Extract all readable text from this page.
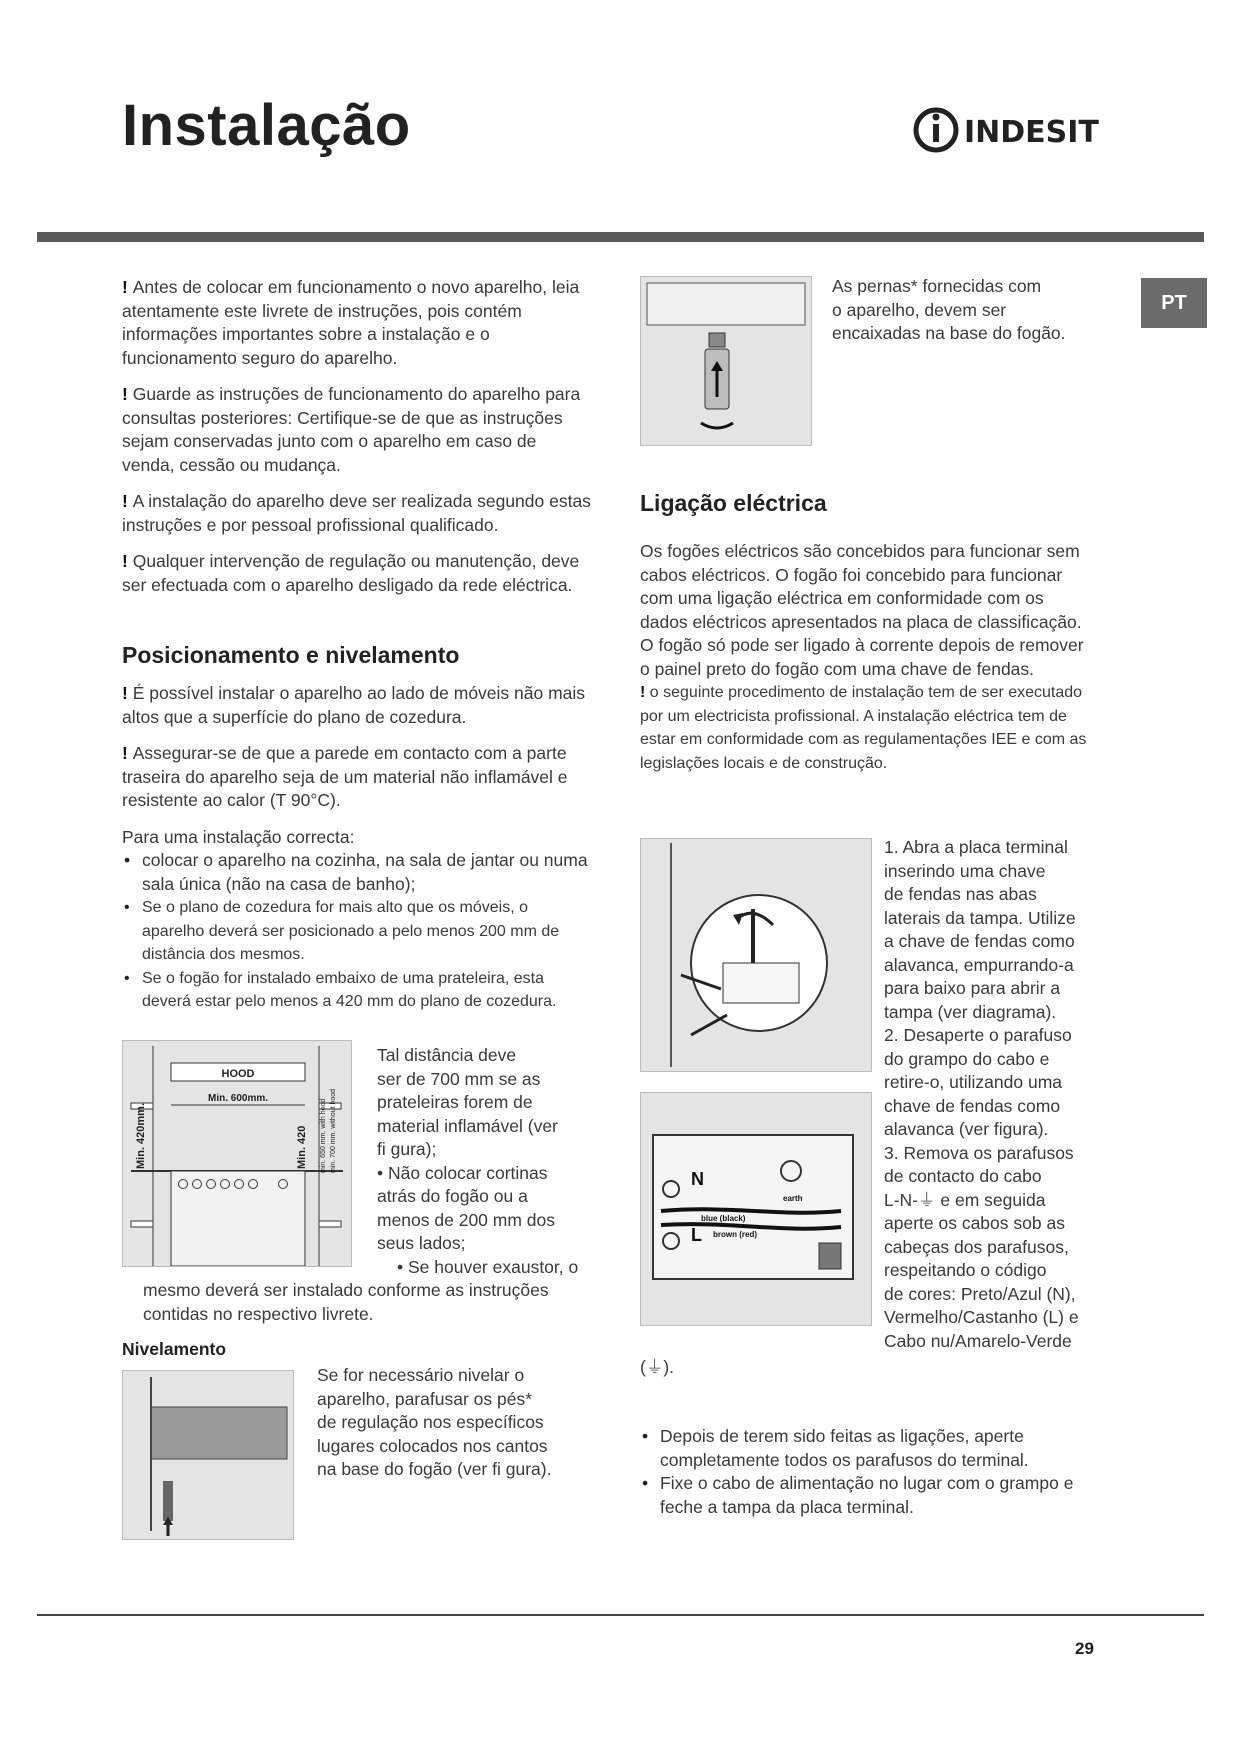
Instalação	INDESIT
PT

! Antes de colocar em funcionamento o novo aparelho, leia atentamente este livrete de instruções, pois contém informações importantes sobre a instalação e o funcionamento seguro do aparelho.

! Guarde as instruções de funcionamento do aparelho para consultas posteriores: Certifique-se de que as instruções sejam conservadas junto com o aparelho em caso de venda, cessão ou mudança.

! A instalação do aparelho deve ser realizada segundo estas instruções e por pessoal profissional qualificado.

! Qualquer intervenção de regulação ou manutenção, deve ser efectuada com o aparelho desligado da rede eléctrica.

Posicionamento e nivelamento

! É possível instalar o aparelho ao lado de móveis não mais altos que a superfície do plano de cozedura.

! Assegurar-se de que a parede em contacto com a parte traseira do aparelho seja de um material não inflamável e resistente ao calor (T 90°C).

Para uma instalação correcta:
• colocar o aparelho na cozinha, na sala de jantar ou numa sala única (não na casa de banho);
• Se o plano de cozedura for mais alto que os móveis, o aparelho deverá ser posicionado a pelo menos 200 mm de distância dos mesmos.
• Se o fogão for instalado embaixo de uma prateleira, esta deverá estar pelo menos a 420 mm do plano de cozedura.
HOOD
Min. 600mm.
Min. 420mm.	Min. 420 min. 650 mm. with hood min. 700 mm. without hood
Tal distância deve
ser de 700 mm se as
prateleiras forem de
material inflamável (ver
fi gura);
• Não colocar cortinas
atrás do fogão ou a
menos de 200 mm dos
seus lados;
• Se houver exaustor, o
mesmo deverá ser instalado conforme as instruções
contidas no respectivo livrete.
Nivelamento
Se for necessário nivelar o
aparelho, parafusar os pés*
de regulação nos específicos
lugares colocados nos cantos
na base do fogão (ver fi gura).
As pernas* fornecidas com
o aparelho, devem ser
encaixadas na base do fogão.
Ligação eléctrica
Os fogões eléctricos são concebidos para funcionar sem cabos eléctricos. O fogão foi concebido para funcionar com uma ligação eléctrica em conformidade com os dados eléctricos apresentados na placa de classificação. O fogão só pode ser ligado à corrente depois de remover o painel preto do fogão com uma chave de fendas.
! o seguinte procedimento de instalação tem de ser executado por um electricista profissional. A instalação eléctrica tem de estar em conformidade com as regulamentações IEE e com as legislações locais e de construção.
N
L
blue (black)
brown (red)
earth
1. Abra a placa terminal
inserindo uma chave
de fendas nas abas
laterais da tampa. Utilize
a chave de fendas como
alavanca, empurrando-a
para baixo para abrir a
tampa (ver diagrama).
2. Desaperte o parafuso
do grampo do cabo e
retire-o, utilizando uma
chave de fendas como
alavanca (ver figura).
3. Remova os parafusos
de contacto do cabo
L-N-⏚ e em seguida
aperte os cabos sob as
cabeças dos parafusos,
respeitando o código
de cores: Preto/Azul (N),
Vermelho/Castanho (L) e
Cabo nu/Amarelo-Verde
(⏚).
• Depois de terem sido feitas as ligações, aperte completamente todos os parafusos do terminal.
• Fixe o cabo de alimentação no lugar com o grampo e feche a tampa da placa terminal.
29
